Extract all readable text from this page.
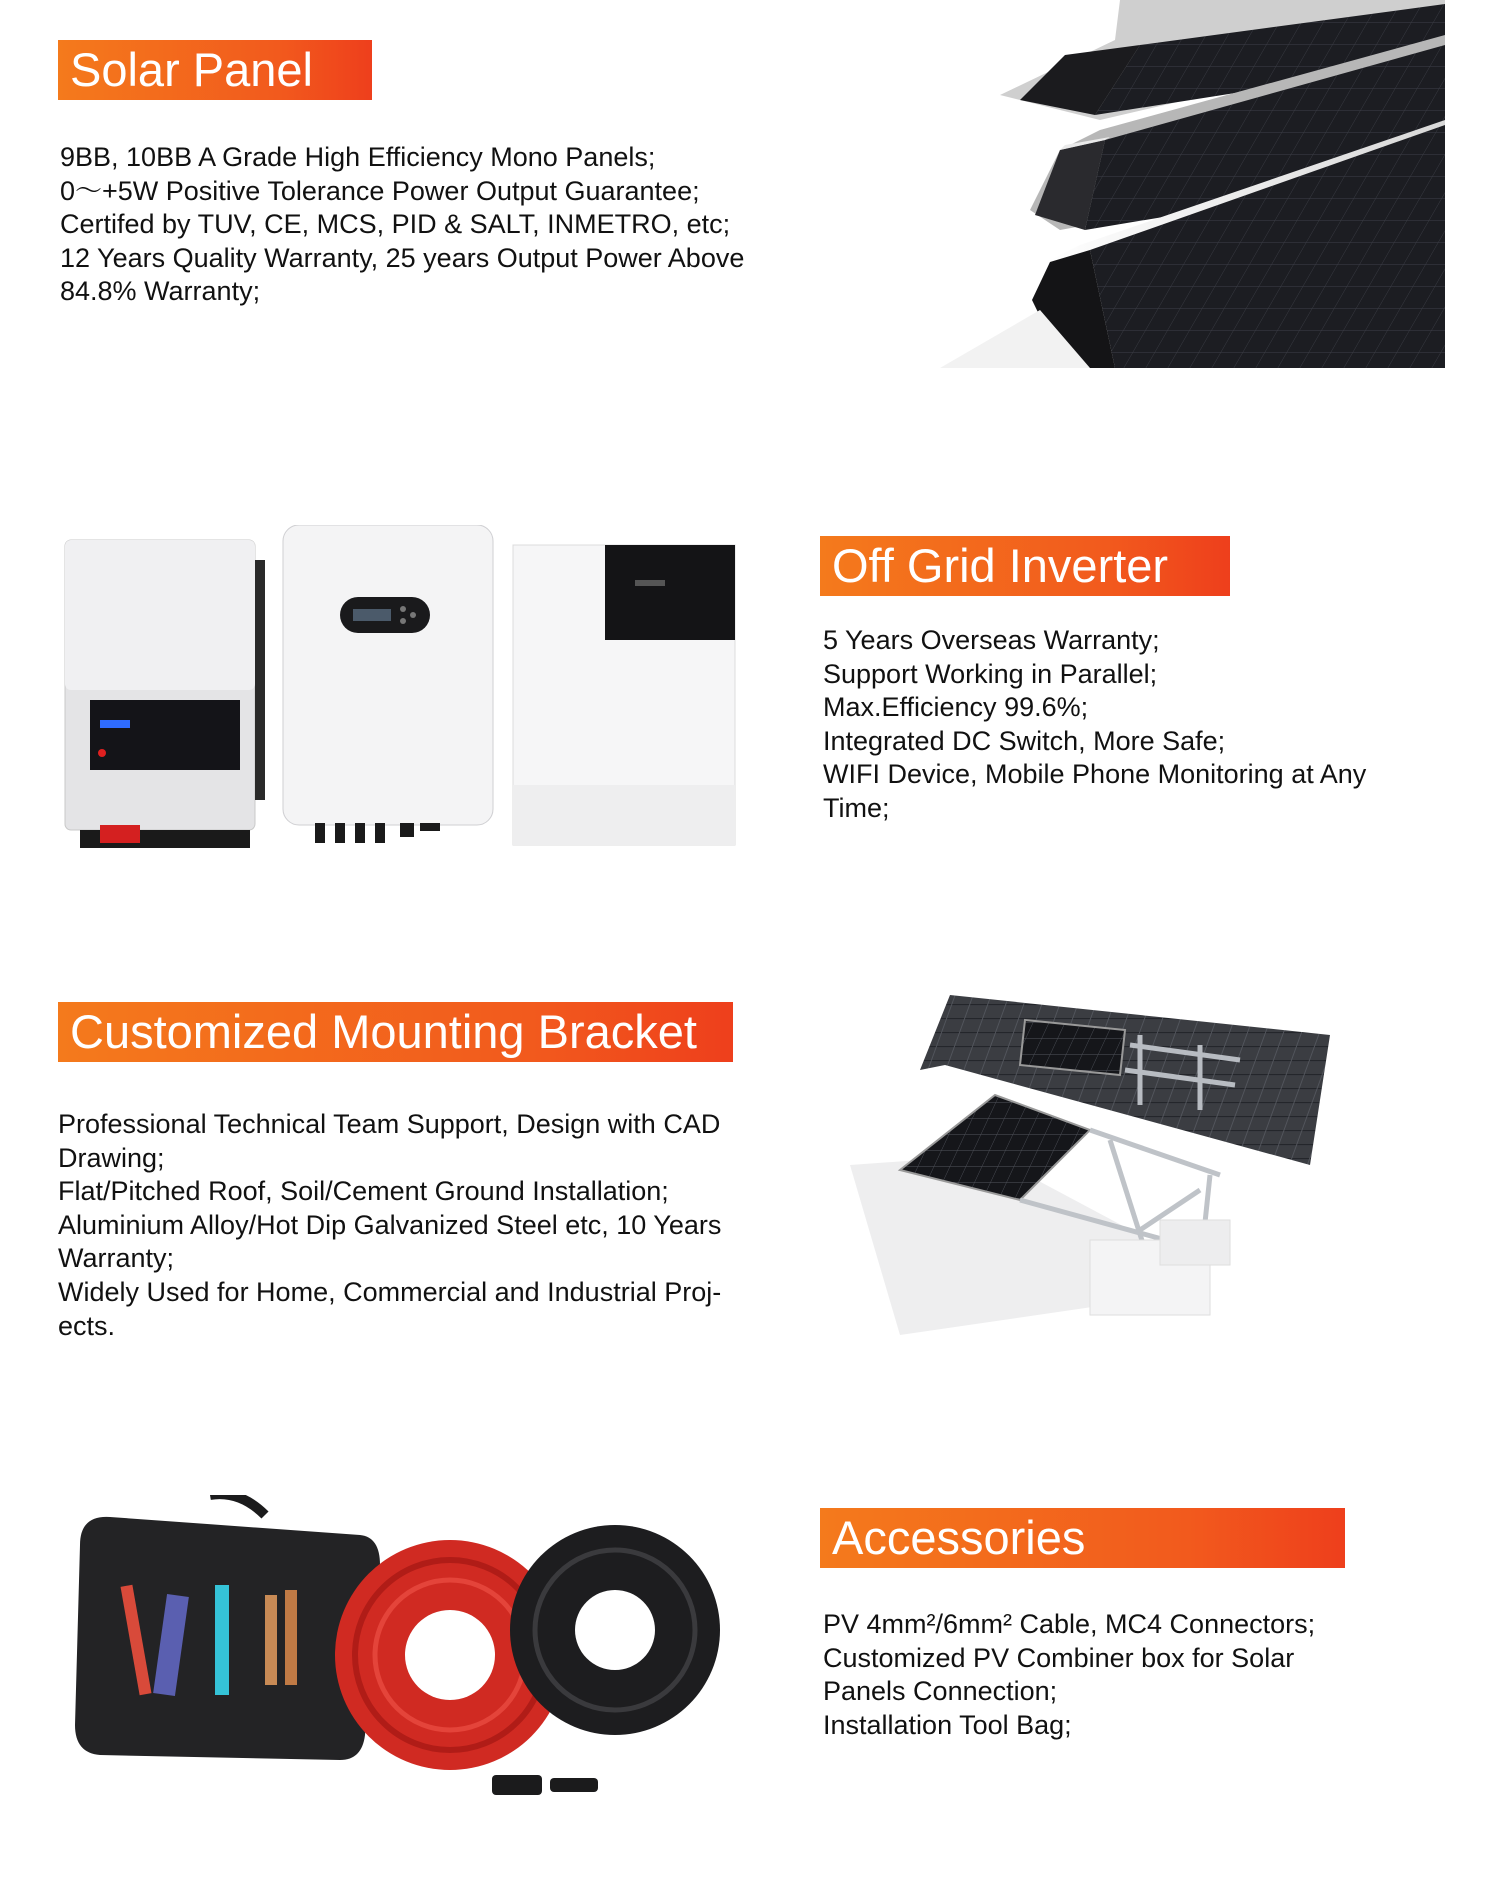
Solar Panel
9BB, 10BB A Grade High Efficiency Mono Panels;
0～+5W Positive Tolerance Power Output Guarantee;
Certifed by TUV, CE, MCS, PID & SALT, INMETRO, etc;
12 Years Quality Warranty, 25 years Output Power Above
84.8% Warranty;
Off Grid Inverter
5 Years Overseas Warranty;
Support Working in Parallel;
Max.Efficiency 99.6%;
Integrated DC Switch, More Safe;
WIFI Device, Mobile Phone Monitoring at Any
Time;
Customized Mounting Bracket
Professional Technical Team Support, Design with CAD
Drawing;
Flat/Pitched Roof, Soil/Cement Ground Installation;
Aluminium Alloy/Hot Dip Galvanized Steel etc, 10 Years
Warranty;
Widely Used for Home, Commercial and Industrial Proj-
ects.
Accessories
PV 4mm²/6mm² Cable, MC4 Connectors;
Customized PV Combiner box for Solar
Panels Connection;
Installation Tool Bag;
